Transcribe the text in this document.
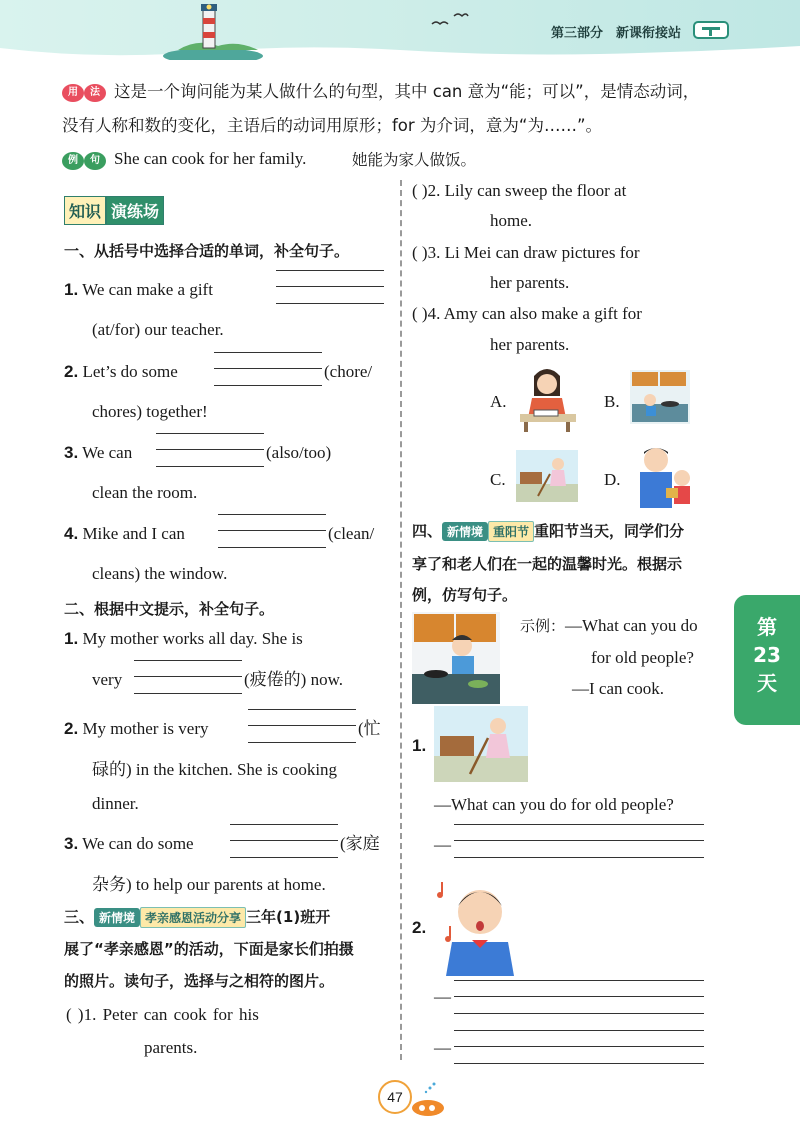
第三部分 新课衔接站
用 法 这是一个询问能为某人做什么的句型，其中 can 意为“能；可以”，是情态动词，
没有人称和数的变化，主语后的动词用原形；for 为介词，意为“为……”。
例 句 She can cook for her family.	她能为家人做饭。
知识 演练场
一、从括号中选择合适的单词，补全句子。
1. We can make a gift
(at/for) our teacher.
2. Let’s do some	(chore/
chores) together!
3. We can	(also/too)
clean the room.
4. Mike and I can	(clean/
cleans) the window.
二、根据中文提示，补全句子。
1. My mother works all day. She is
very	(疲倦的) now.
2. My mother is very	(忙
碌的) in the kitchen. She is cooking
dinner.
3. We can do some	(家庭
杂务) to help our parents at home.
三、 新情境 孝亲感恩活动分享 三年(1)班开
展了“孝亲感恩”的活动，下面是家长们拍摄
的照片。读句子，选择与之相符的图片。
( )1. Peter can cook for his
parents.
( )2. Lily can sweep the floor at
home.
( )3. Li Mei can draw pictures for
her parents.
( )4. Amy can also make a gift for
her parents.
A.	B.
C.	D.
四、 新情境 重阳节 重阳节当天，同学们分
享了和老人们在一起的温馨时光。根据示
例，仿写句子。
示例：—What can you do
for old people?
—I can cook.
1.
—What can you do for old people?
—
2.
—
—
第
23
天
47
